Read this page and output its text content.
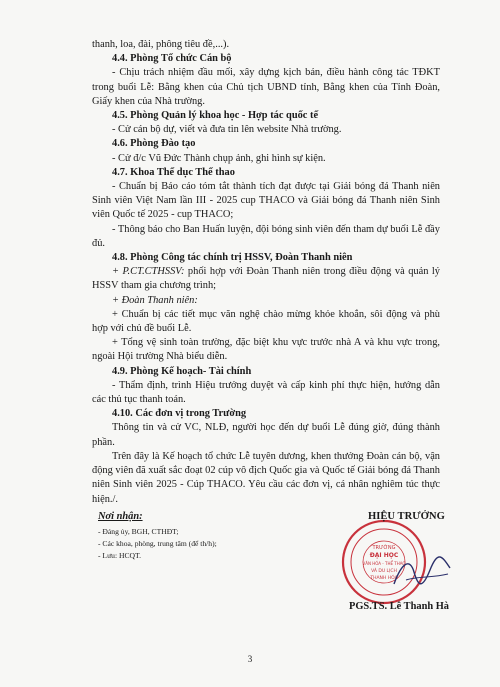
thanh, loa, đài, phông tiêu đề,...).

4.4. Phòng Tổ chức Cán bộ

- Chịu trách nhiệm đầu mối, xây dựng kịch bản, điều hành công tác TĐKT trong buổi Lễ: Bằng khen của Chủ tịch UBND tỉnh, Bằng khen của Tỉnh Đoàn, Giấy khen của Nhà trường.

4.5. Phòng Quản lý khoa học - Hợp tác quốc tế

- Cử cán bộ dự, viết và đưa tin lên website Nhà trường.

4.6. Phòng Đào tạo

- Cử đ/c Vũ Đức Thành chụp ảnh, ghi hình sự kiện.

4.7. Khoa Thể dục Thể thao

- Chuẩn bị Báo cáo tóm tắt thành tích đạt được tại Giải bóng đá Thanh niên Sinh viên Việt Nam lần III - 2025 cup THACO và Giải bóng đá Thanh niên Sinh viên Quốc tế 2025 - cup THACO;

- Thông báo cho Ban Huấn luyện, đội bóng sinh viên đến tham dự buổi Lễ đầy đủ.

4.8. Phòng Công tác chính trị HSSV, Đoàn Thanh niên

+ P.CT.CTHSSV: phối hợp với Đoàn Thanh niên trong điều động và quản lý HSSV tham gia chương trình;

+ Đoàn Thanh niên:

+ Chuẩn bị các tiết mục văn nghệ chào mừng khỏe khoắn, sôi động và phù hợp với chủ đề buổi Lễ.

+ Tổng vệ sinh toàn trường, đặc biệt khu vực trước nhà A và khu vực trong, ngoài Hội trường Nhà biểu diễn.

4.9. Phòng Kế hoạch- Tài chính

- Thẩm định, trình Hiệu trưởng duyệt và cấp kinh phí thực hiện, hướng dẫn các thủ tục thanh toán.

4.10. Các đơn vị trong Trường

Thông tin và cử VC, NLĐ, người học đến dự buổi Lễ đúng giờ, đúng thành phần.

Trên đây là Kế hoạch tổ chức Lễ tuyên dương, khen thưởng Đoàn cán bộ, vận động viên đã xuất sắc đoạt 02 cúp vô địch Quốc gia và Quốc tế Giải bóng đá Thanh niên Sinh viên 2025 - Cúp THACO. Yêu cầu các đơn vị, cá nhân nghiêm túc thực hiện./.

Nơi nhận:
- Đảng ủy, BGH, CTHĐT;
- Các khoa, phòng, trung tâm (để th/h);
- Lưu: HCQT.
TRƯỜNG
ĐẠI HỌC
VĂN HÓA - THỂ THAO
VÀ DU LỊCH
THANH HÓA
HIỆU TRƯỞNG
PGS.TS. Lê Thanh Hà
3
